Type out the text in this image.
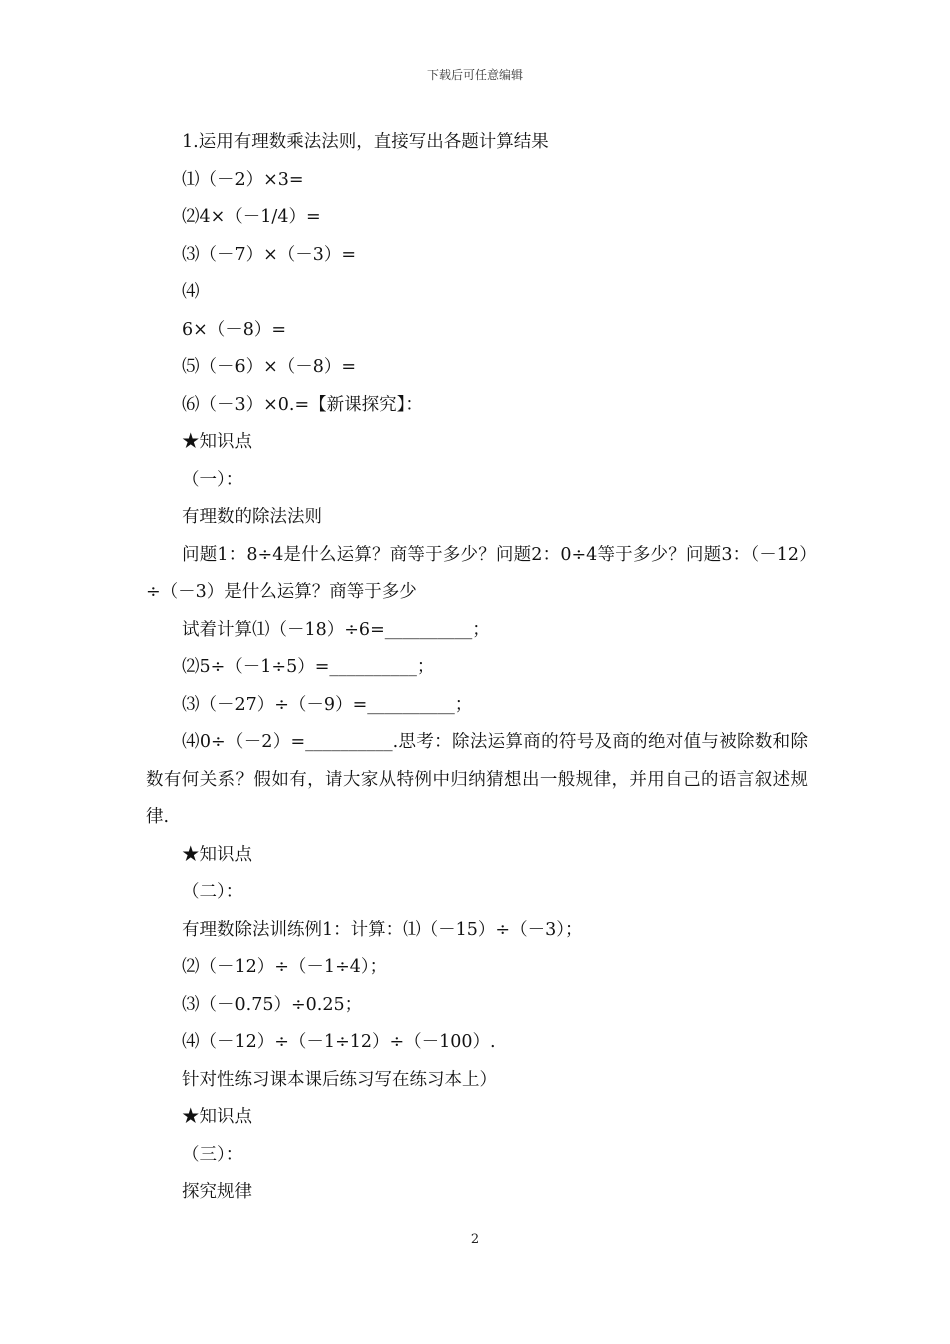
下载后可任意编辑
1.运用有理数乘法法则，直接写出各题计算结果
⑴（－2）×3=
⑵4×（－1/4）=
⑶（－7）×（－3）=
⑷
6×（－8）=
⑸（－6）×（－8）=
⑹（－3）×0.=【新课探究】：
★知识点
（一）：
有理数的除法法则
问题1：8÷4是什么运算？商等于多少？问题2：0÷4等于多少？问题3：（－12）÷（－3）是什么运算？商等于多少
试着计算⑴（－18）÷6=__________；
⑵5÷（－1÷5）=__________；
⑶（－27）÷（－9）=__________；
⑷0÷（－2）=__________.思考：除法运算商的符号及商的绝对值与被除数和除数有何关系？假如有，请大家从特例中归纳猜想出一般规律，并用自己的语言叙述规律.
★知识点
（二）：
有理数除法训练例1：计算：⑴（－15）÷（－3）；
⑵（－12）÷（－1÷4）；
⑶（－0.75）÷0.25；
⑷（－12）÷（－1÷12）÷（－100）.
针对性练习课本课后练习写在练习本上）
★知识点
（三）：
探究规律
2
